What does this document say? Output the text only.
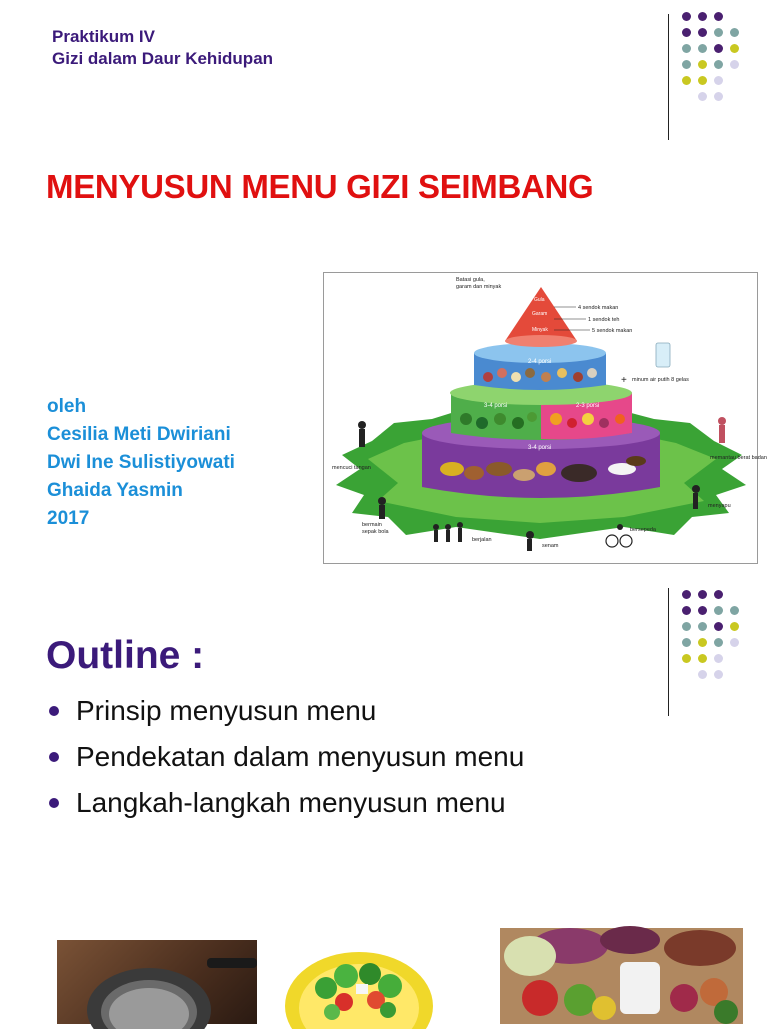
Praktikum IV
Gizi dalam Daur Kehidupan
MENYUSUN MENU GIZI SEIMBANG
oleh
Cesilia Meti Dwiriani
Dwi Ine Sulistiyowati
Ghaida Yasmin
2017
3-4 porsi
3-4 porsi	2-3 porsi
2-4 porsi
Batasi gula,
garam dan minyak
Gula
Garam
Minyak
4 sendok makan
1 sendok teh
5 sendok makan
+ minum air putih 8 gelas
mencuci tangan
memantau berat badan
menyapu
bermain
sepak bola
berjalan
senam
bersepeda
Outline :
Prinsip menyusun menu
Pendekatan dalam menyusun menu
Langkah-langkah menyusun menu
